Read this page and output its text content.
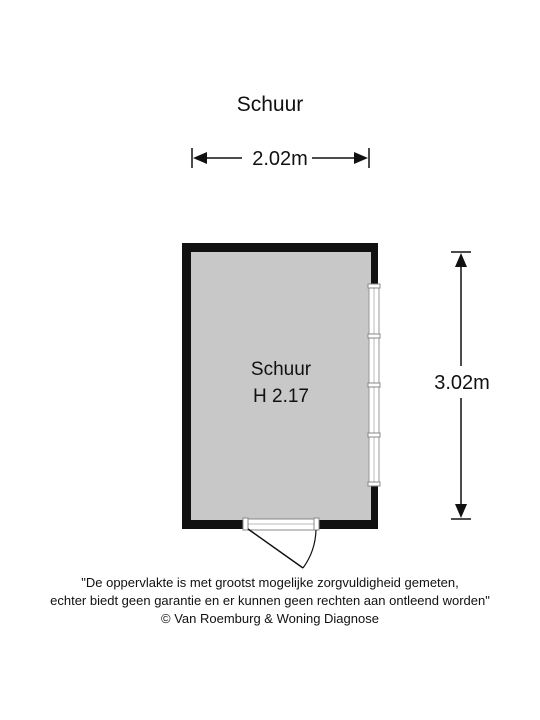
Schuur
2.02m
3.02m
Schuur
H 2.17
"De oppervlakte is met grootst mogelijke zorgvuldigheid gemeten,
echter biedt geen garantie en er kunnen geen rechten aan ontleend worden"
© Van Roemburg & Woning Diagnose
